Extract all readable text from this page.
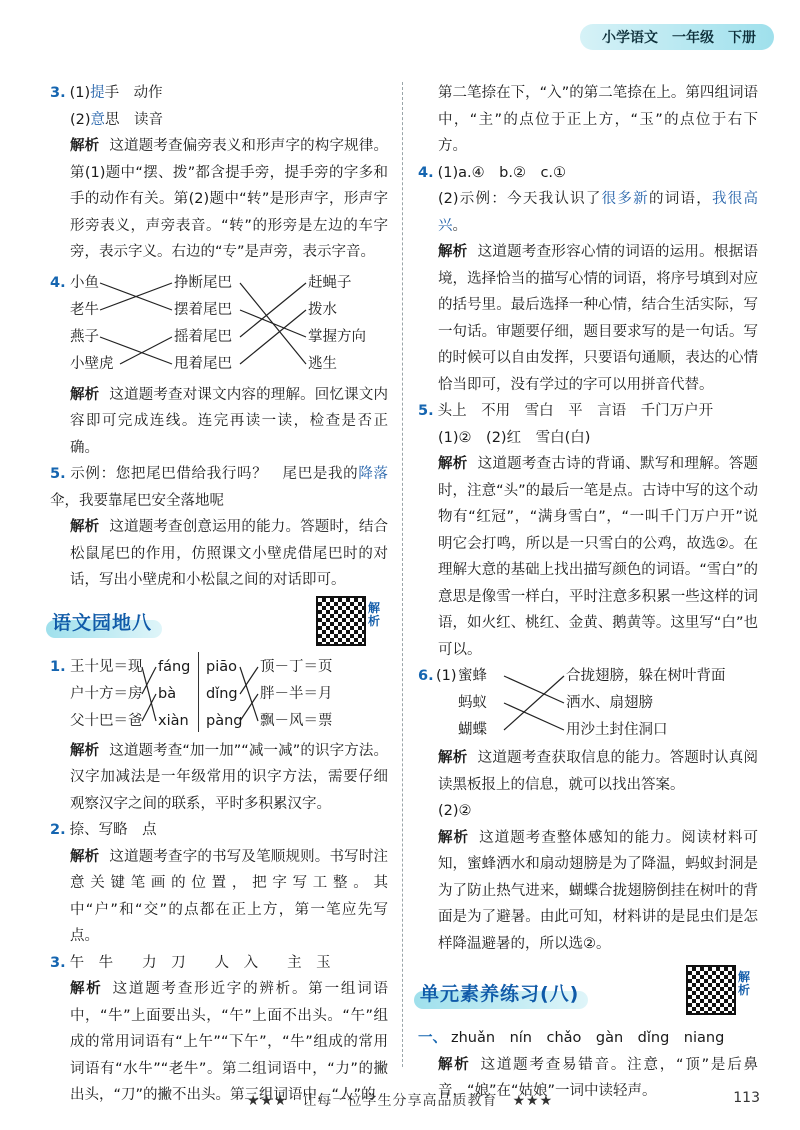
小学语文 一年级 下册

3. (1)提手　动作

(2)意思　读音

解析 这道题考查偏旁表义和形声字的构字规律。第(1)题中“摆、拨”都含提手旁，提手旁的字多和手的动作有关。第(2)题中“转”是形声字，形声字形旁表义，声旁表音。“转”的形旁是左边的车字旁，表示字义。右边的“专”是声旁，表示字音。

4. 小鱼
老牛
燕子
小壁虎
挣断尾巴
摆着尾巴
摇着尾巴
甩着尾巴
赶蝇子
拨水
掌握方向
逃生

解析 这道题考查对课文内容的理解。回忆课文内容即可完成连线。连完再读一读，检查是否正确。

5. 示例：您把尾巴借给我行吗？　尾巴是我的降落伞，我要靠尾巴安全落地呢

解析 这道题考查创意运用的能力。答题时，结合松鼠尾巴的作用，仿照课文小壁虎借尾巴时的对话，写出小壁虎和小松鼠之间的对话即可。

语文园地八
解析
1. 王十见＝现
户十方＝房
父十巴＝爸
fáng
bà
xiàn
piāo
dǐng
pàng
顶－丁＝页
胖－半＝月
飘－风＝票

解析 这道题考查“加一加”“减一减”的识字方法。汉字加减法是一年级常用的识字方法，需要仔细观察汉字之间的联系，平时多积累汉字。

2. 捺、写略　点

解析 这道题考查字的书写及笔顺规则。书写时注意关键笔画的位置，把字写工整。其中“户”和“交”的点都在正上方，第一笔应先写点。

3. 午　牛　　力　刀　　人　入　　主　玉

解析 这道题考查形近字的辨析。第一组词语中，“牛”上面要出头，“午”上面不出头。“午”组成的常用词语有“上午”“下午”，“牛”组成的常用词语有“水牛”“老牛”。第二组词语中，“力”的撇出头，“刀”的撇不出头。第三组词语中，“人”的

第二笔捺在下，“入”的第二笔捺在上。第四组词语中，“主”的点位于正上方，“玉”的点位于右下方。

4. (1)a.④　b.②　c.①

(2)示例：今天我认识了很多新的词语，我很高兴。

解析 这道题考查形容心情的词语的运用。根据语境，选择恰当的描写心情的词语，将序号填到对应的括号里。最后选择一种心情，结合生活实际，写一句话。审题要仔细，题目要求写的是一句话。写的时候可以自由发挥，只要语句通顺，表达的心情恰当即可，没有学过的字可以用拼音代替。

5. 头上　不用　雪白　平　言语　千门万户开

(1)②　(2)红　雪白(白)

解析 这道题考查古诗的背诵、默写和理解。答题时，注意“头”的最后一笔是点。古诗中写的这个动物有“红冠”，“满身雪白”，“一叫千门万户开”说明它会打鸣，所以是一只雪白的公鸡，故选②。在理解大意的基础上找出描写颜色的词语。“雪白”的意思是像雪一样白，平时注意多积累一些这样的词语，如火红、桃红、金黄、鹅黄等。这里写“白”也可以。

6. (1) 蜜蜂
蚂蚁
蝴蝶
合拢翅膀，躲在树叶背面
洒水、扇翅膀
用沙土封住洞口

解析 这道题考查获取信息的能力。答题时认真阅读黑板报上的信息，就可以找出答案。

(2)②

解析 这道题考查整体感知的能力。阅读材料可知，蜜蜂洒水和扇动翅膀是为了降温，蚂蚁封洞是为了防止热气进来，蝴蝶合拢翅膀倒挂在树叶的背面是为了避暑。由此可知，材料讲的是昆虫们是怎样降温避暑的，所以选②。

单元素养练习(八)
解析

一、 zhuǎn　nín　chǎo　gàn　dǐng　niang

解析 这道题考查易错音。注意，“顶”是后鼻音，“娘”在“姑娘”一词中读轻声。

★★★　让每一位学生分享高品质教育　★★★	113
